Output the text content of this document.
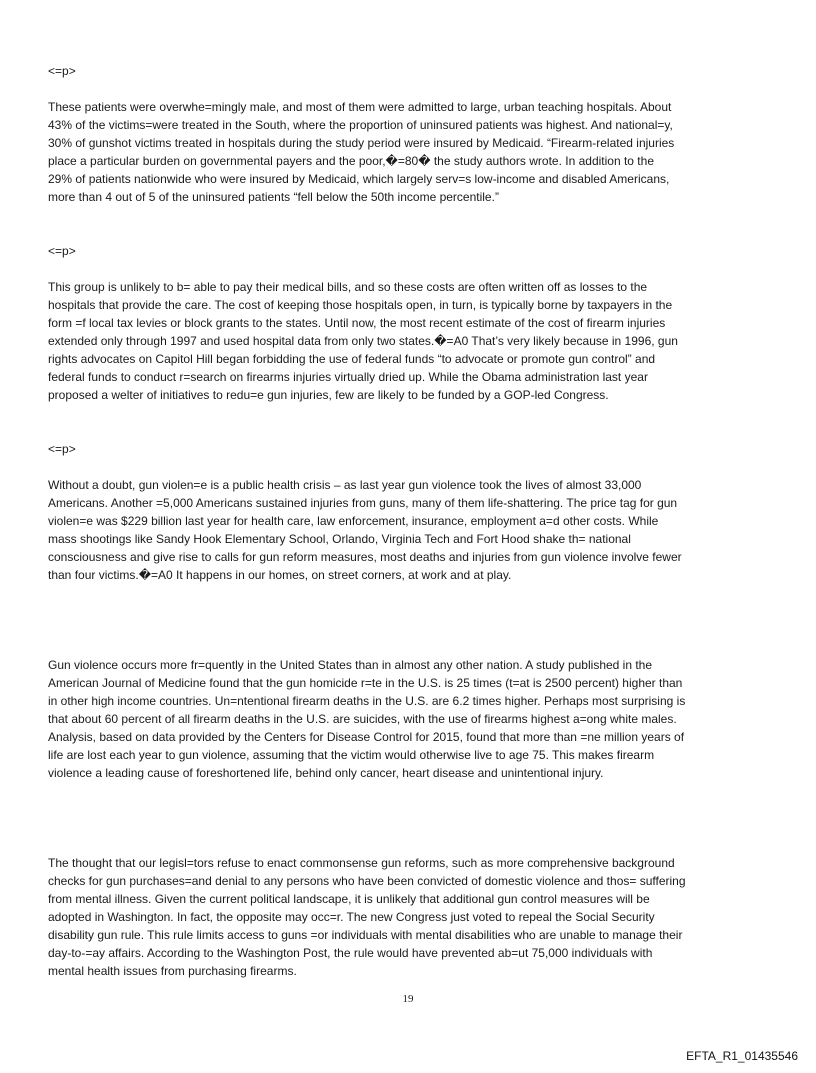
<=p>
These patients were overwhe=mingly male, and most of them were admitted to large, urban teaching hospitals. About
43% of the victims=were treated in the South, where the proportion of uninsured patients was highest. And national=y,
30% of gunshot victims treated in hospitals during the study period were insured by Medicaid. “Firearm-related injuries
place a particular burden on governmental payers and the poor,�=80� the study authors wrote. In addition to the
29% of patients nationwide who were insured by Medicaid, which largely serv=s low-income and disabled Americans,
more than 4 out of 5 of the uninsured patients “fell below the 50th income percentile.”
<=p>
This group is unlikely to b= able to pay their medical bills, and so these costs are often written off as losses to the
hospitals that provide the care. The cost of keeping those hospitals open, in turn, is typically borne by taxpayers in the
form =f local tax levies or block grants to the states. Until now, the most recent estimate of the cost of firearm injuries
extended only through 1997 and used hospital data from only two states.�=A0 That’s very likely because in 1996, gun
rights advocates on Capitol Hill began forbidding the use of federal funds “to advocate or promote gun control” and
federal funds to conduct r=search on firearms injuries virtually dried up. While the Obama administration last year
proposed a welter of initiatives to redu=e gun injuries, few are likely to be funded by a GOP-led Congress.
<=p>
Without a doubt, gun violen=e is a public health crisis – as last year gun violence took the lives of almost 33,000
Americans. Another =5,000 Americans sustained injuries from guns, many of them life-shattering. The price tag for gun
violen=e was $229 billion last year for health care, law enforcement, insurance, employment a=d other costs. While
mass shootings like Sandy Hook Elementary School, Orlando, Virginia Tech and Fort Hood shake th= national
consciousness and give rise to calls for gun reform measures, most deaths and injuries from gun violence involve fewer
than four victims.�=A0 It happens in our homes, on street corners, at work and at play.
Gun violence occurs more fr=quently in the United States than in almost any other nation. A study published in the
American Journal of Medicine found that the gun homicide r=te in the U.S. is 25 times (t=at is 2500 percent) higher than
in other high income countries. Un=ntentional firearm deaths in the U.S. are 6.2 times higher. Perhaps most surprising is
that about 60 percent of all firearm deaths in the U.S. are suicides, with the use of firearms highest a=ong white males.
Analysis, based on data provided by the Centers for Disease Control for 2015, found that more than =ne million years of
life are lost each year to gun violence, assuming that the victim would otherwise live to age 75. This makes firearm
violence a leading cause of foreshortened life, behind only cancer, heart disease and unintentional injury.
The thought that our legisl=tors refuse to enact commonsense gun reforms, such as more comprehensive background
checks for gun purchases=and denial to any persons who have been convicted of domestic violence and thos= suffering
from mental illness. Given the current political landscape, it is unlikely that additional gun control measures will be
adopted in Washington. In fact, the opposite may occ=r. The new Congress just voted to repeal the Social Security
disability gun rule. This rule limits access to guns =or individuals with mental disabilities who are unable to manage their
day-to-=ay affairs. According to the Washington Post, the rule would have prevented ab=ut 75,000 individuals with
mental health issues from purchasing firearms.
19
EFTA_R1_01435546
